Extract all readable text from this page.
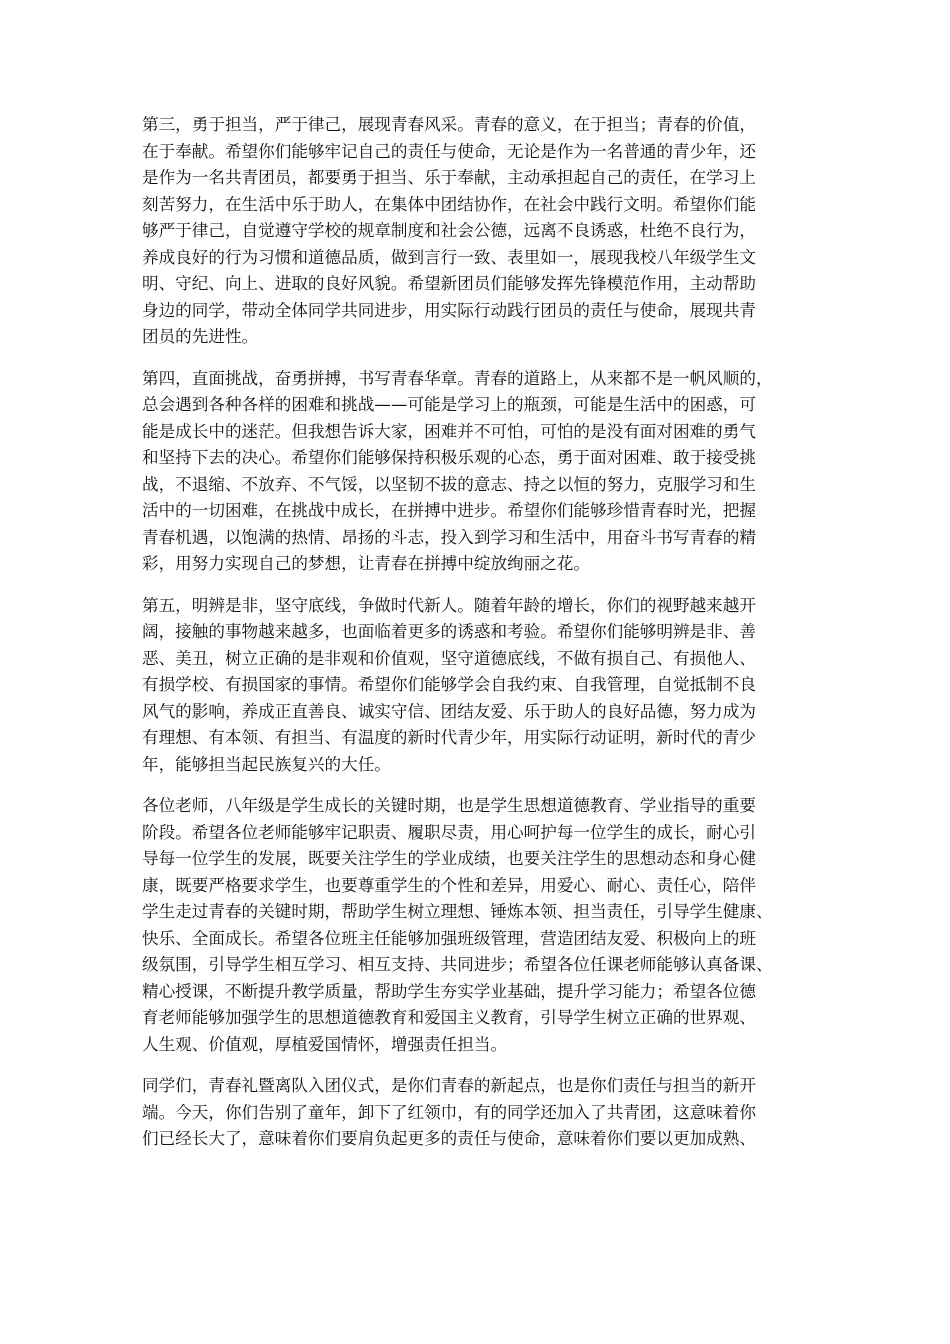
第三，勇于担当，严于律己，展现青春风采。青春的意义，在于担当；青春的价值，
在于奉献。希望你们能够牢记自己的责任与使命，无论是作为一名普通的青少年，还
是作为一名共青团员，都要勇于担当、乐于奉献，主动承担起自己的责任，在学习上
刻苦努力，在生活中乐于助人，在集体中团结协作，在社会中践行文明。希望你们能
够严于律己，自觉遵守学校的规章制度和社会公德，远离不良诱惑，杜绝不良行为，
养成良好的行为习惯和道德品质，做到言行一致、表里如一，展现我校八年级学生文
明、守纪、向上、进取的良好风貌。希望新团员们能够发挥先锋模范作用，主动帮助
身边的同学，带动全体同学共同进步，用实际行动践行团员的责任与使命，展现共青
团员的先进性。
第四，直面挑战，奋勇拼搏，书写青春华章。青春的道路上，从来都不是一帆风顺的，
总会遇到各种各样的困难和挑战——可能是学习上的瓶颈，可能是生活中的困惑，可
能是成长中的迷茫。但我想告诉大家，困难并不可怕，可怕的是没有面对困难的勇气
和坚持下去的决心。希望你们能够保持积极乐观的心态，勇于面对困难、敢于接受挑
战，不退缩、不放弃、不气馁，以坚韧不拔的意志、持之以恒的努力，克服学习和生
活中的一切困难，在挑战中成长，在拼搏中进步。希望你们能够珍惜青春时光，把握
青春机遇，以饱满的热情、昂扬的斗志，投入到学习和生活中，用奋斗书写青春的精
彩，用努力实现自己的梦想，让青春在拼搏中绽放绚丽之花。
第五，明辨是非，坚守底线，争做时代新人。随着年龄的增长，你们的视野越来越开
阔，接触的事物越来越多，也面临着更多的诱惑和考验。希望你们能够明辨是非、善
恶、美丑，树立正确的是非观和价值观，坚守道德底线，不做有损自己、有损他人、
有损学校、有损国家的事情。希望你们能够学会自我约束、自我管理，自觉抵制不良
风气的影响，养成正直善良、诚实守信、团结友爱、乐于助人的良好品德，努力成为
有理想、有本领、有担当、有温度的新时代青少年，用实际行动证明，新时代的青少
年，能够担当起民族复兴的大任。
各位老师，八年级是学生成长的关键时期，也是学生思想道德教育、学业指导的重要
阶段。希望各位老师能够牢记职责、履职尽责，用心呵护每一位学生的成长，耐心引
导每一位学生的发展，既要关注学生的学业成绩，也要关注学生的思想动态和身心健
康，既要严格要求学生，也要尊重学生的个性和差异，用爱心、耐心、责任心，陪伴
学生走过青春的关键时期，帮助学生树立理想、锤炼本领、担当责任，引导学生健康、
快乐、全面成长。希望各位班主任能够加强班级管理，营造团结友爱、积极向上的班
级氛围，引导学生相互学习、相互支持、共同进步；希望各位任课老师能够认真备课、
精心授课，不断提升教学质量，帮助学生夯实学业基础，提升学习能力；希望各位德
育老师能够加强学生的思想道德教育和爱国主义教育，引导学生树立正确的世界观、
人生观、价值观，厚植爱国情怀，增强责任担当。
同学们，青春礼暨离队入团仪式，是你们青春的新起点，也是你们责任与担当的新开
端。今天，你们告别了童年，卸下了红领巾，有的同学还加入了共青团，这意味着你
们已经长大了，意味着你们要肩负起更多的责任与使命，意味着你们要以更加成熟、
